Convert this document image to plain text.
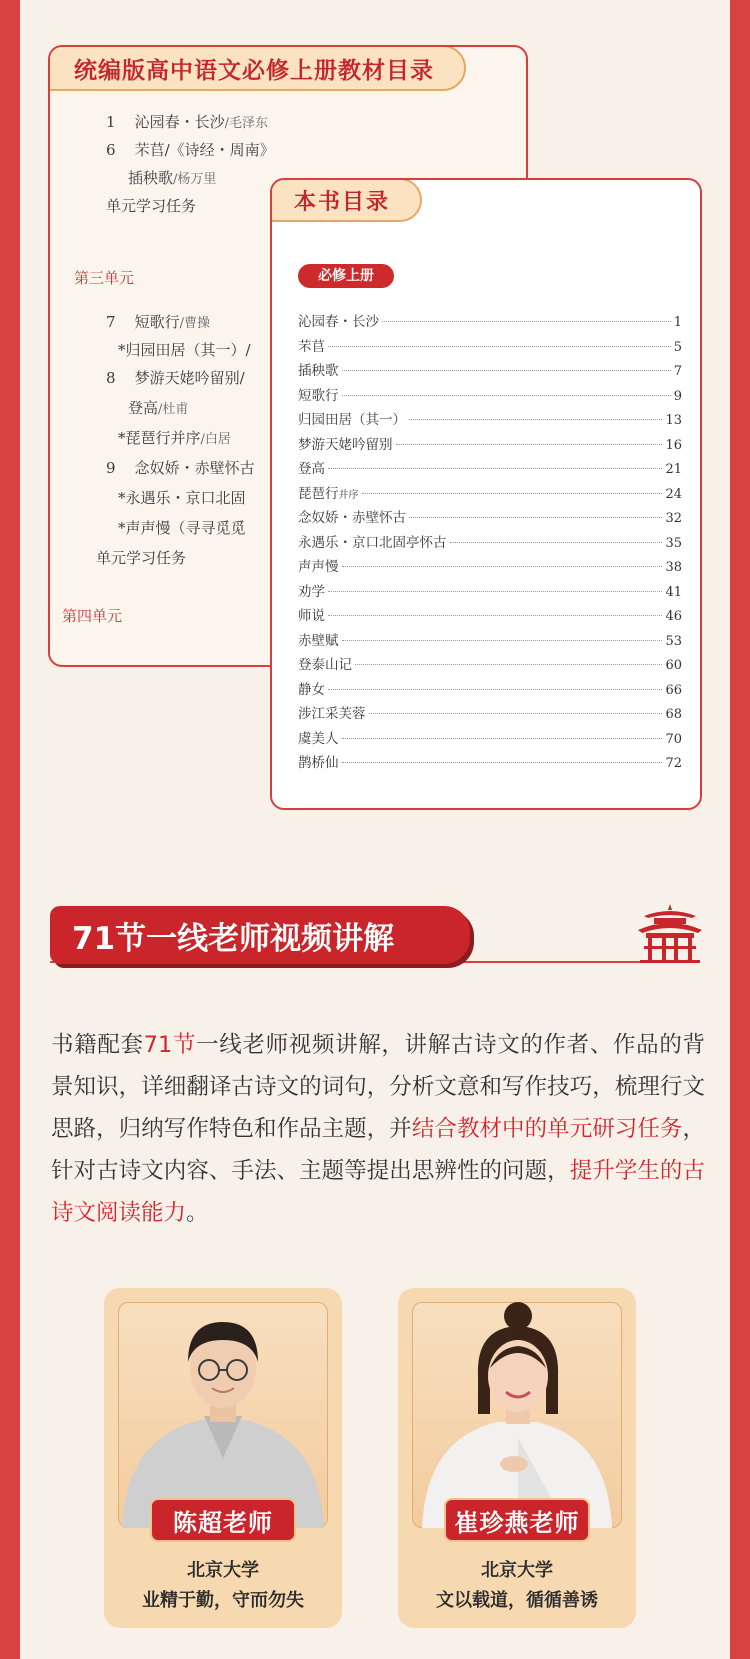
统编版高中语文必修上册教材目录
1 沁园春・长沙/毛泽东
6 芣苢/《诗经・周南》
插秧歌/杨万里
单元学习任务
第三单元
7 短歌行/曹操
*归园田居（其一）/
8 梦游天姥吟留别/
登高/杜甫
*琵琶行并序/白居
9 念奴娇・赤壁怀古
*永遇乐・京口北固
*声声慢（寻寻觅觅
单元学习任务
第四单元
本书目录
必修上册
沁园春・长沙	1
芣苢	5
插秧歌	7
短歌行	9
归园田居（其一）	13
梦游天姥吟留别	16
登高	21
琵琶行 并序	24
念奴娇・赤壁怀古	32
永遇乐・京口北固亭怀古	35
声声慢	38
劝学	41
师说	46
赤壁赋	53
登泰山记	60
静女	66
涉江采芙蓉	68
虞美人	70
鹊桥仙	72
71节一线老师视频讲解

书籍配套71节一线老师视频讲解，讲解古诗文的作者、作品的背景知识，详细翻译古诗文的词句，分析文意和写作技巧，梳理行文思路，归纳写作特色和作品主题，并结合教材中的单元研习任务，针对古诗文内容、手法、主题等提出思辨性的问题，提升学生的古诗文阅读能力。

陈超老师
北京大学
业精于勤，守而勿失
崔珍燕老师
北京大学
文以载道，循循善诱
